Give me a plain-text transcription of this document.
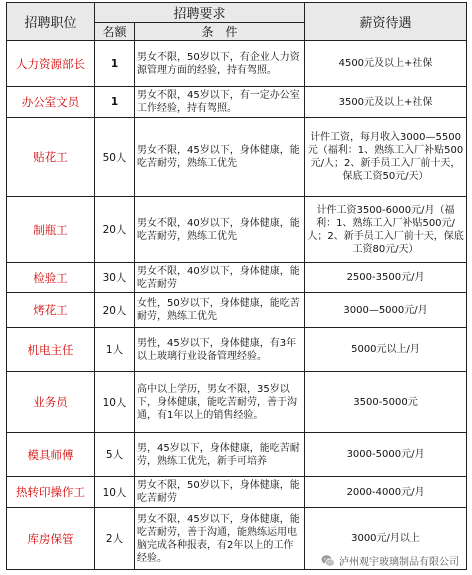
招聘职位	招聘要求		薪资待遇
	名额	条　件	
人力资源部长	1	男女不限，50岁以下，有企业人力资源管理方面的经验，持有驾照。	4500元及以上+社保
办公室文员	1	男女不限，45岁以下，有一定办公室工作经验，持有驾照。	3500元及以上+社保
贴花工	50人	男女不限，45岁以下，身体健康，能吃苦耐劳，熟练工优先	计件工资，每月收入3000—5500元（福利：1、熟练工入厂补贴500元/人；2、新手员工入厂前十天，保底工资50元/天）
制瓶工	20人	男女不限，40岁以下，身体健康，能吃苦耐劳，熟练工优先	计件工资3500-6000元/月（福利：1、熟练工入厂补贴500元/人；2、新手员工入厂前十天，保底工资80元/天）
检验工	30人	男女不限，40岁以下，身体健康，能吃苦耐劳	2500-3500元/月
烤花工	20人	女性，50岁以下，身体健康，能吃苦耐劳，熟练工优先	3000—5000元/月
机电主任	1人	男性，45岁以下，身体健康，有3年以上玻璃行业设备管理经验。	5000元以上/月
业务员	10人	高中以上学历，男女不限，35岁以下，身体健康，能吃苦耐劳，善于沟通，有1年以上的销售经验。	3500-5000元
模具师傅	5人	男，45岁以下，身体健康，能吃苦耐劳，熟练工优先，新手可培养	3000-5000元/月
热转印操作工	10人	男女不限，50岁以下，身体健康，能吃苦耐劳	2000-4000元/月
库房保管	2人	男女不限，45岁以下，身体健康，能吃苦耐劳，善于沟通，能熟练运用电脑完成各种报表，有2年以上的工作经验。	3000元/月以上
泸州观宇玻璃制品有限公司
